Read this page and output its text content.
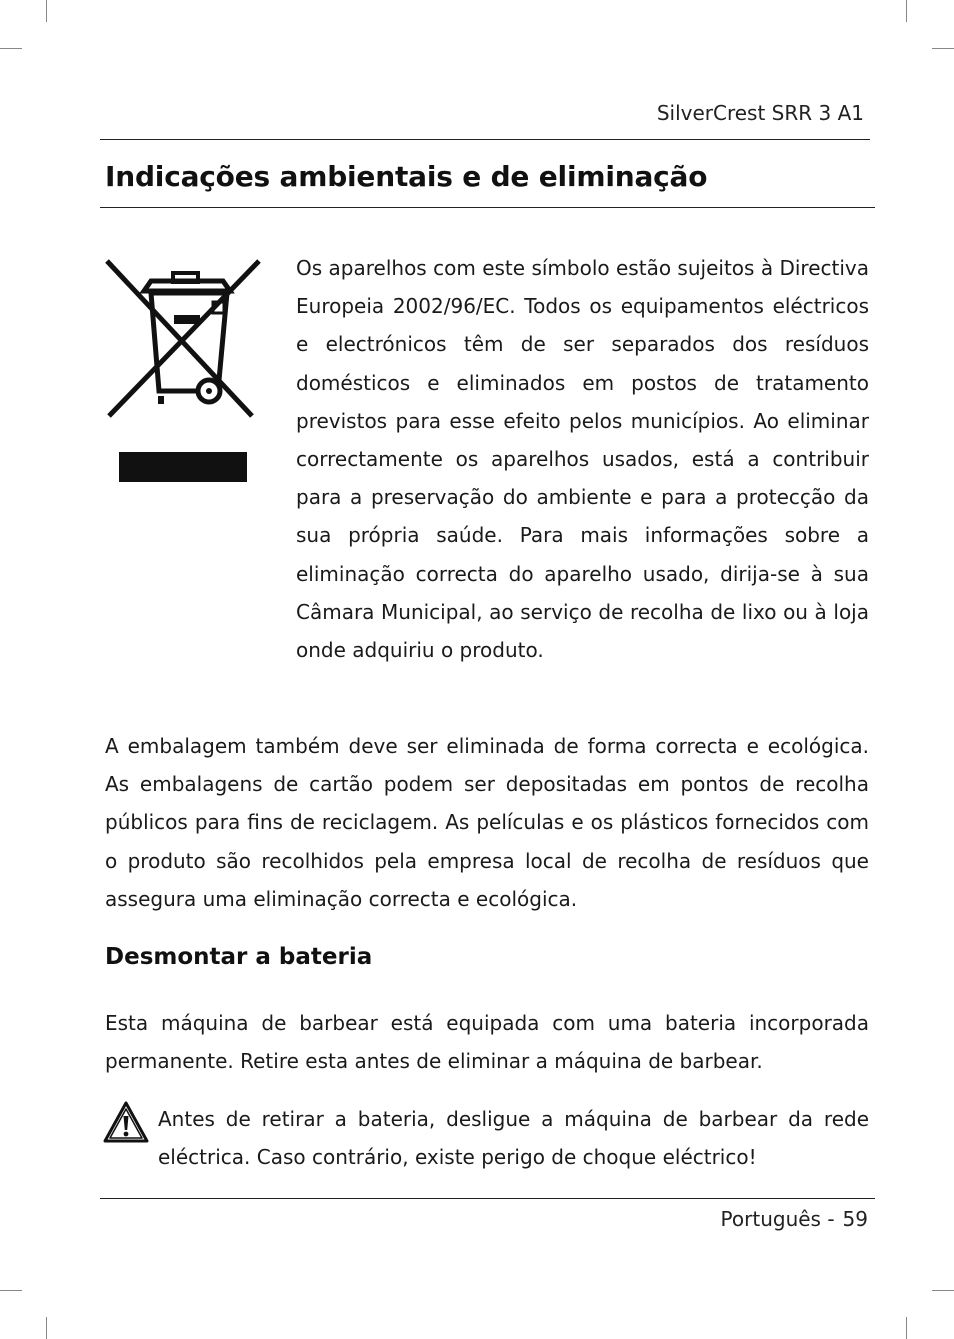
SilverCrest SRR 3 A1
Indicações ambientais e de eliminação

Os aparelhos com este símbolo estão sujeitos à Directiva Europeia 2002/96/EC. Todos os equipamentos eléctricos e electrónicos têm de ser separados dos resíduos domésticos e eliminados em postos de tratamento previstos para esse efeito pelos municípios. Ao eliminar correctamente os aparelhos usados, está a contribuir para a preservação do ambiente e para a protecção da sua própria saúde. Para mais informações sobre a eliminação correcta do aparelho usado, dirija-se à sua Câmara Municipal, ao serviço de recolha de lixo ou à loja onde adquiriu o produto.

A embalagem também deve ser eliminada de forma correcta e ecológica. As embalagens de cartão podem ser depositadas em pontos de recolha públicos para fins de reciclagem. As películas e os plásticos fornecidos com o produto são recolhidos pela empresa local de recolha de resíduos que assegura uma eliminação correcta e ecológica.

Desmontar a bateria

Esta máquina de barbear está equipada com uma bateria incorporada permanente. Retire esta antes de eliminar a máquina de barbear.

Antes de retirar a bateria, desligue a máquina de barbear da rede eléctrica. Caso contrário, existe perigo de choque eléctrico!

Português - 59
